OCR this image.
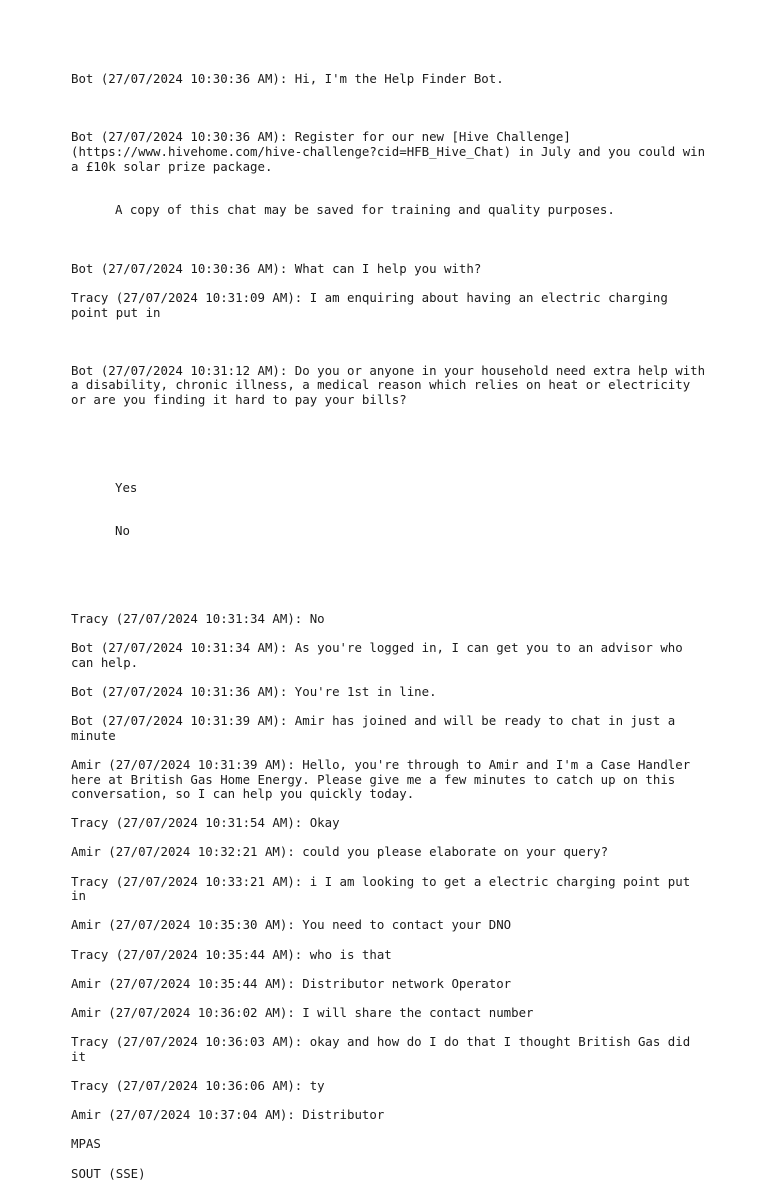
Bot (27/07/2024 10:30:36 AM): Hi, I'm the Help Finder Bot.

Bot (27/07/2024 10:30:36 AM): Register for our new [Hive Challenge](https://www.hivehome.com/hive-challenge?cid=HFB_Hive_Chat) in July and you could win a £10k solar prize package.

A copy of this chat may be saved for training and quality purposes.

Bot (27/07/2024 10:30:36 AM): What can I help you with?
Tracy (27/07/2024 10:31:09 AM): I am enquiring about having an electric charging point put in

Bot (27/07/2024 10:31:12 AM): Do you or anyone in your household need extra help with a disability, chronic illness, a medical reason which relies on heat or electricity or are you finding it hard to pay your bills?

Yes

No

Tracy (27/07/2024 10:31:34 AM): No
Bot (27/07/2024 10:31:34 AM): As you're logged in, I can get you to an advisor who can help.
Bot (27/07/2024 10:31:36 AM): You're 1st in line.
Bot (27/07/2024 10:31:39 AM): Amir has joined and will be ready to chat in just a minute
Amir (27/07/2024 10:31:39 AM): Hello, you're through to Amir and I'm a Case Handler here at British Gas Home Energy. Please give me a few minutes to catch up on this conversation, so I can help you quickly today.
Tracy (27/07/2024 10:31:54 AM): Okay
Amir (27/07/2024 10:32:21 AM): could you please elaborate on your query?
Tracy (27/07/2024 10:33:21 AM): i I am looking to get a electric charging point put in
Amir (27/07/2024 10:35:30 AM): You need to contact your DNO
Tracy (27/07/2024 10:35:44 AM): who is that
Amir (27/07/2024 10:35:44 AM): Distributor network Operator
Amir (27/07/2024 10:36:02 AM): I will share the contact number
Tracy (27/07/2024 10:36:03 AM): okay and how do I do that I thought British Gas did it
Tracy (27/07/2024 10:36:06 AM): ty
Amir (27/07/2024 10:37:04 AM): Distributor
MPAS
SOUT (SSE)
